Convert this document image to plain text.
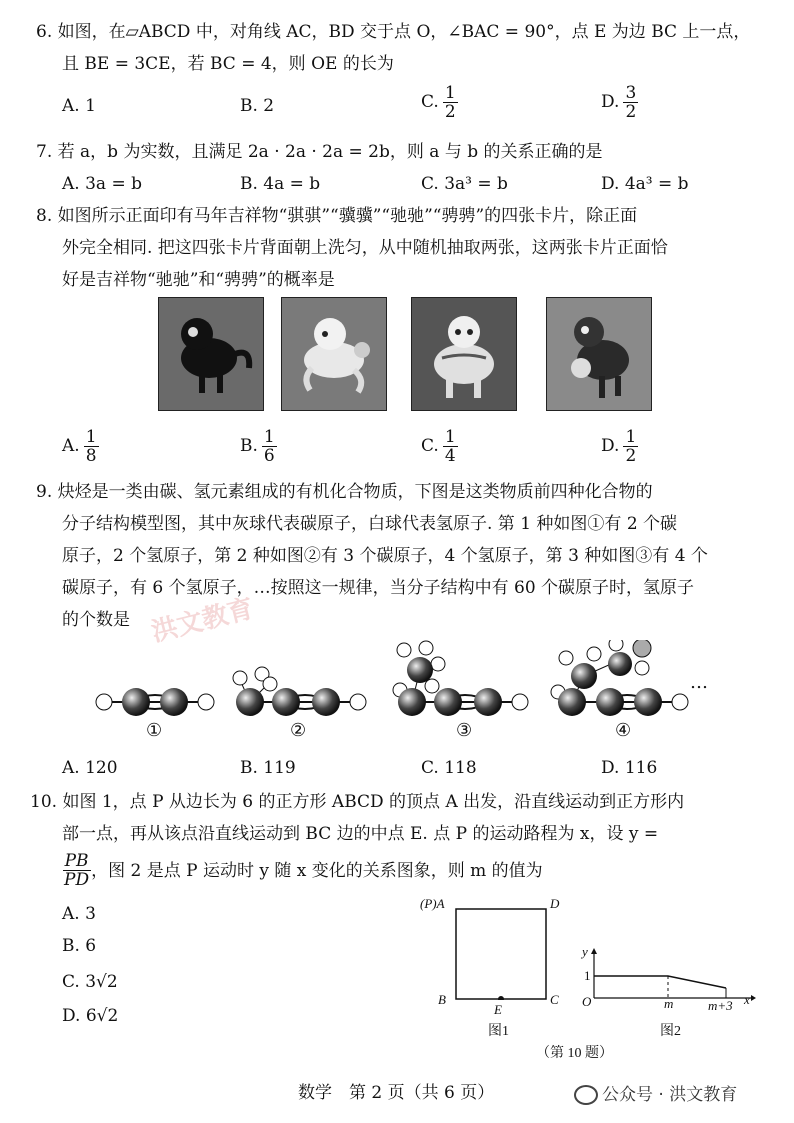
6. 如图，在▱ABCD 中，对角线 AC，BD 交于点 O，∠BAC = 90°，点 E 为边 BC 上一点，
且 BE = 3CE，若 BC = 4，则 OE 的长为
A. 1	B. 2	C. $\frac{1}{2}$	D. $\frac{3}{2}$
7. 若 a，b 为实数，且满足 2a · 2a · 2a = 2b，则 a 与 b 的关系正确的是
A. 3a = b	B. 4a = b	C. 3a³ = b	D. 4a³ = b
8. 如图所示正面印有马年吉祥物“骐骐”“骥骥”“驰驰”“骋骋”的四张卡片，除正面
外完全相同. 把这四张卡片背面朝上洗匀，从中随机抽取两张，这两张卡片正面恰
好是吉祥物“驰驰”和“骋骋”的概率是
A. $\frac{1}{8}$	B. $\frac{1}{6}$	C. $\frac{1}{4}$	D. $\frac{1}{2}$
9. 炔烃是一类由碳、氢元素组成的有机化合物质，下图是这类物质前四种化合物的
分子结构模型图，其中灰球代表碳原子，白球代表氢原子. 第 1 种如图①有 2 个碳
原子，2 个氢原子，第 2 种如图②有 3 个碳原子，4 个氢原子，第 3 种如图③有 4 个
碳原子，有 6 个氢原子，…按照这一规律，当分子结构中有 60 个碳原子时，氢原子
的个数是 洪文教育
…
①	②	③	④
A. 120	B. 119	C. 118	D. 116
10. 如图 1，点 P 从边长为 6 的正方形 ABCD 的顶点 A 出发，沿直线运动到正方形内
部一点，再从该点沿直线运动到 BC 边的中点 E. 点 P 的运动路程为 x，设 y =
$\frac{PB}{PD}$ ，图 2 是点 P 运动时 y 随 x 变化的关系图象，则 m 的值为
A. 3
B. 6
C. 3√2
D. 6√2
(P)A	D
B	C
E
图1
y
1
O	m	m+3 x
图2
（第 10 题）
数学　第 2 页（共 6 页）	公众号 · 洪文教育
